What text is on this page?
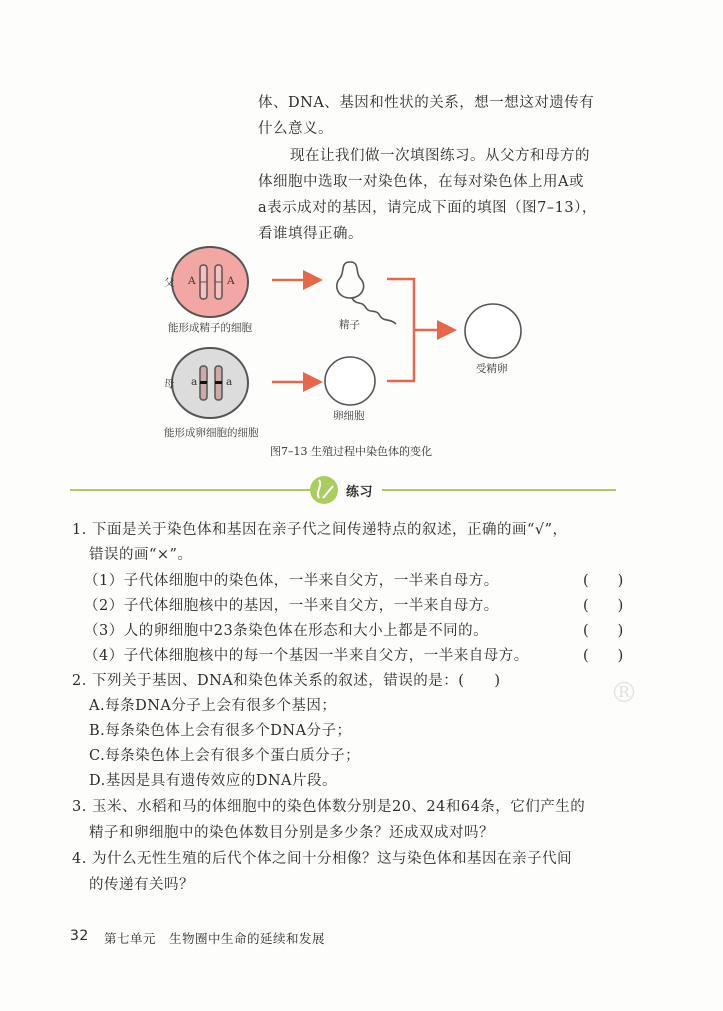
体、DNA、基因和性状的关系，想一想这对遗传有
什么意义。
现在让我们做一次填图练习。从父方和母方的
体细胞中选取一对染色体，在每对染色体上用A或
a表示成对的基因，请完成下面的填图（图7–13），
看谁填得正确。
父
母
A	A
a	a
能形成精子的细胞
能形成卵细胞的细胞
精子
卵细胞
受精卵
图7–13 生殖过程中染色体的变化
练习
1. 下面是关于染色体和基因在亲子代之间传递特点的叙述，正确的画“√”，
错误的画“×”。
（1）子代体细胞中的染色体，一半来自父方，一半来自母方。
（2）子代体细胞核中的基因，一半来自父方，一半来自母方。
（3）人的卵细胞中23条染色体在形态和大小上都是不同的。
（4）子代体细胞核中的每一个基因一半来自父方，一半来自母方。
(　　)
(　　)
(　　)
(　　)
2. 下列关于基因、DNA和染色体关系的叙述，错误的是：(　　)
A.每条DNA分子上会有很多个基因；
B.每条染色体上会有很多个DNA分子；
C.每条染色体上会有很多个蛋白质分子；
D.基因是具有遗传效应的DNA片段。
3. 玉米、水稻和马的体细胞中的染色体数分别是20、24和64条，它们产生的
精子和卵细胞中的染色体数目分别是多少条？还成双成对吗？
4. 为什么无性生殖的后代个体之间十分相像？这与染色体和基因在亲子代间
的传递有关吗？
®
32 第七单元　生物圈中生命的延续和发展
